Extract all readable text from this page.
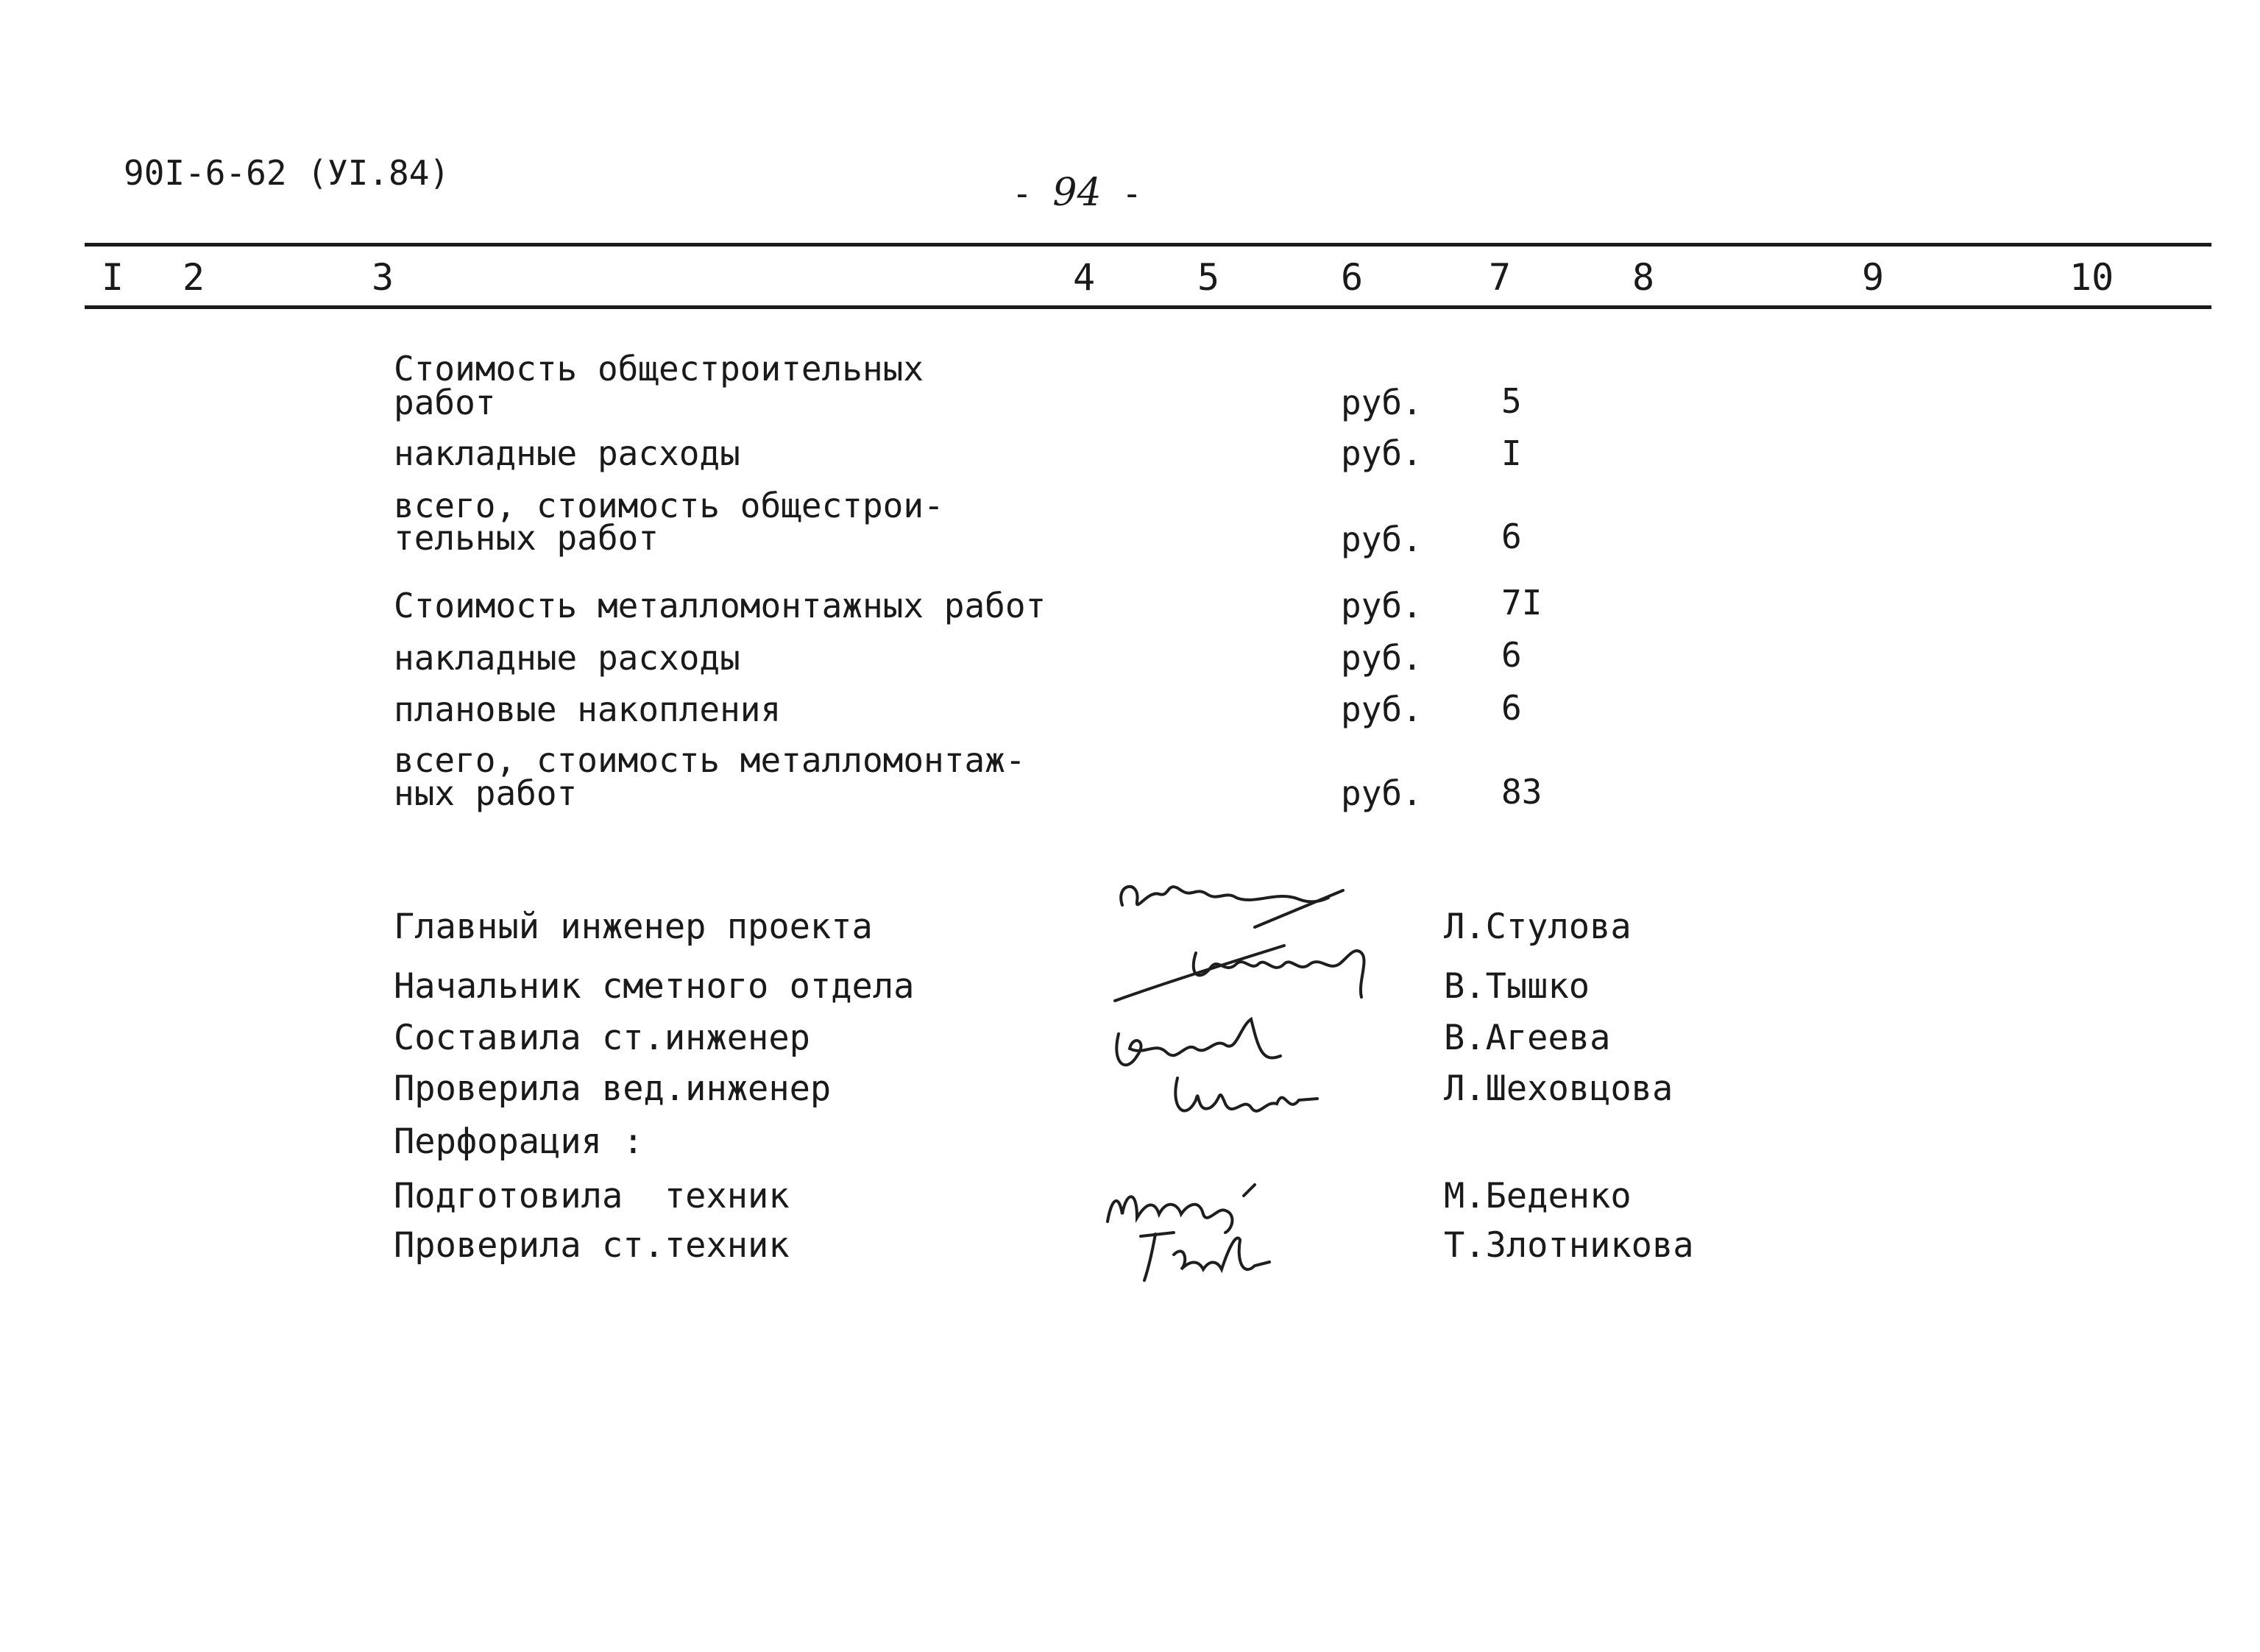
90I-6-62 (УI.84)
- 94 -
I 2	3	4	5	6	7	8	9	10
Стоимость общестроительных
работ	руб. 5
накладные расходы	руб. I
всего, стоимость общестрои-
тельных работ	руб. 6
Стоимость металломонтажных работ	руб. 7I
накладные расходы	руб. 6
плановые накопления	руб. 6
всего, стоимость металломонтаж-
ных работ	руб. 83
Главный инженер проекта	Л.Стулова
Начальник сметного отдела	В.Тышко
Составила ст.инженер	В.Агеева
Проверила вед.инженер	Л.Шеховцова
Перфорация :
Подготовила  техник	М.Беденко
Проверила ст.техник	Т.Злотникова
